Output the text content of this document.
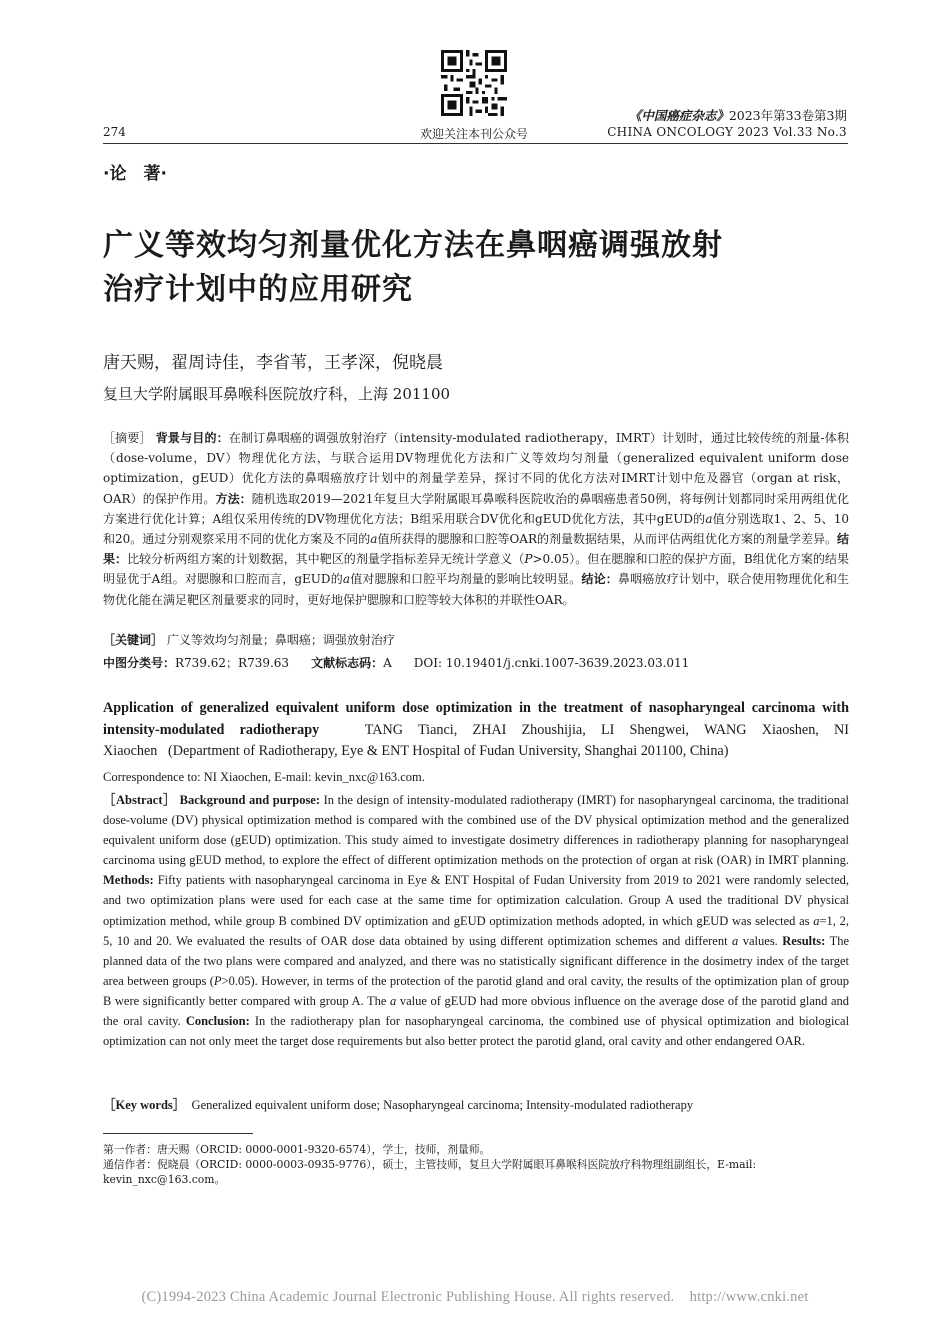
欢迎关注本刊公众号
274
《中国癌症杂志》2023年第33卷第3期
CHINA ONCOLOGY 2023 Vol.33 No.3
·论　著·
广义等效均匀剂量优化方法在鼻咽癌调强放射
治疗计划中的应用研究
唐天赐，翟周诗佳，李省苇，王孝深，倪晓晨
复旦大学附属眼耳鼻喉科医院放疗科，上海 201100
［摘要］ 背景与目的：在制订鼻咽癌的调强放射治疗（intensity-modulated radiotherapy，IMRT）计划时，通过比较传统的剂量-体积（dose-volume，DV）物理优化方法，与联合运用DV物理优化方法和广义等效均匀剂量（generalized equivalent uniform dose optimization，gEUD）优化方法的鼻咽癌放疗计划中的剂量学差异，探讨不同的优化方法对IMRT计划中危及器官（organ at risk，OAR）的保护作用。方法：随机选取2019—2021年复旦大学附属眼耳鼻喉科医院收治的鼻咽癌患者50例，将每例计划都同时采用两组优化方案进行优化计算；A组仅采用传统的DV物理优化方法；B组采用联合DV优化和gEUD优化方法，其中gEUD的a值分别选取1、2、5、10和20。通过分别观察采用不同的优化方案及不同的a值所获得的腮腺和口腔等OAR的剂量数据结果，从而评估两组优化方案的剂量学差异。结果：比较分析两组方案的计划数据，其中靶区的剂量学指标差异无统计学意义（P>0.05）。但在腮腺和口腔的保护方面，B组优化方案的结果明显优于A组。对腮腺和口腔而言，gEUD的a值对腮腺和口腔平均剂量的影响比较明显。结论：鼻咽癌放疗计划中，联合使用物理优化和生物优化能在满足靶区剂量要求的同时，更好地保护腮腺和口腔等较大体积的并联性OAR。
［关键词］ 广义等效均匀剂量；鼻咽癌；调强放射治疗
中图分类号：R739.62；R739.63 文献标志码：A DOI: 10.19401/j.cnki.1007-3639.2023.03.011
Application of generalized equivalent uniform dose optimization in the treatment of nasopharyngeal carcinoma with intensity-modulated radiotherapy	TANG Tianci, ZHAI Zhoushijia, LI Shengwei, WANG Xiaoshen, NI Xiaochen (Department of Radiotherapy, Eye & ENT Hospital of Fudan University, Shanghai 201100, China)
Correspondence to: NI Xiaochen, E-mail: kevin_nxc@163.com.
［Abstract］ Background and purpose: In the design of intensity-modulated radiotherapy (IMRT) for nasopharyngeal carcinoma, the traditional dose-volume (DV) physical optimization method is compared with the combined use of the DV physical optimization method and the generalized equivalent uniform dose (gEUD) optimization. This study aimed to investigate dosimetry differences in radiotherapy planning for nasopharyngeal carcinoma using gEUD method, to explore the effect of different optimization methods on the protection of organ at risk (OAR) in IMRT planning. Methods: Fifty patients with nasopharyngeal carcinoma in Eye & ENT Hospital of Fudan University from 2019 to 2021 were randomly selected, and two optimization plans were used for each case at the same time for optimization calculation. Group A used the traditional DV physical optimization method, while group B combined DV optimization and gEUD optimization methods adopted, in which gEUD was selected as a=1, 2, 5, 10 and 20. We evaluated the results of OAR dose data obtained by using different optimization schemes and different a values. Results: The planned data of the two plans were compared and analyzed, and there was no statistically significant difference in the dosimetry index of the target area between groups (P>0.05). However, in terms of the protection of the parotid gland and oral cavity, the results of the optimization plan of group B were significantly better compared with group A. The a value of gEUD had more obvious influence on the average dose of the parotid gland and the oral cavity. Conclusion: In the radiotherapy plan for nasopharyngeal carcinoma, the combined use of physical optimization and biological optimization can not only meet the target dose requirements but also better protect the parotid gland, oral cavity and other endangered OAR.
［Key words］ Generalized equivalent uniform dose; Nasopharyngeal carcinoma; Intensity-modulated radiotherapy
第一作者：唐天赐（ORCID: 0000-0001-9320-6574），学士，技师，剂量师。
通信作者：倪晓晨（ORCID: 0000-0003-0935-9776），硕士，主管技师，复旦大学附属眼耳鼻喉科医院放疗科物理组副组长，E-mail: kevin_nxc@163.com。
(C)1994-2023 China Academic Journal Electronic Publishing House. All rights reserved.    http://www.cnki.net
